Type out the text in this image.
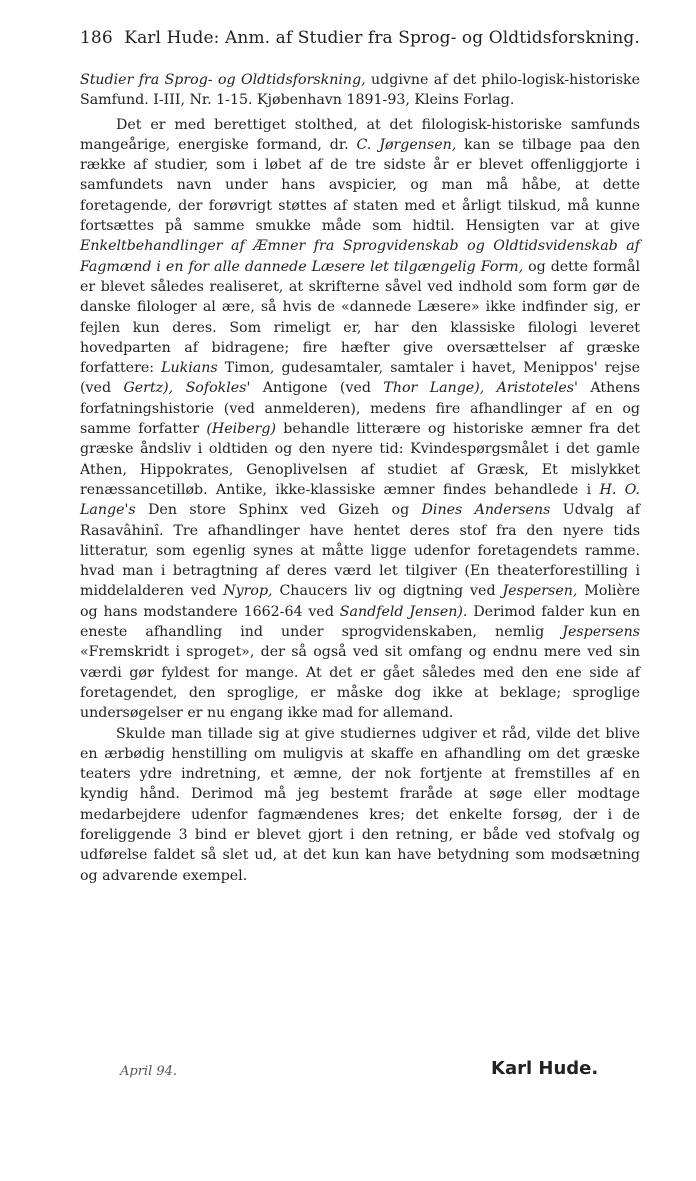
186 Karl Hude: Anm. af Studier fra Sprog- og Oldtidsforskning.

Studier fra Sprog- og Oldtidsforskning, udgivne af det philo-logisk-historiske Samfund. I-III, Nr. 1-15. Kjøbenhavn 1891-93, Kleins Forlag.

Det er med berettiget stolthed, at det filologisk-historiske samfunds mangeårige, energiske formand, dr. C. Jørgensen, kan se tilbage paa den række af studier, som i løbet af de tre sidste år er blevet offenliggjorte i samfundets navn under hans avspicier, og man må håbe, at dette foretagende, der forøvrigt støttes af staten med et årligt tilskud, må kunne fortsættes på samme smukke måde som hidtil. Hensigten var at give Enkeltbehandlinger af Æmner fra Sprogvidenskab og Oldtidsvidenskab af Fagmænd i en for alle dannede Læsere let tilgængelig Form, og dette formål er blevet således realiseret, at skrifterne såvel ved indhold som form gør de danske filologer al ære, så hvis de «dannede Læsere» ikke indfinder sig, er fejlen kun deres. Som rimeligt er, har den klassiske filologi leveret hovedparten af bidragene; fire hæfter give oversættelser af græske forfattere: Lukians Timon, gudesamtaler, samtaler i havet, Menippos' rejse (ved Gertz), Sofokles' Antigone (ved Thor Lange), Aristoteles' Athens forfatningshistorie (ved anmelderen), medens fire afhandlinger af en og samme forfatter (Heiberg) behandle litterære og historiske æmner fra det græske åndsliv i oldtiden og den nyere tid: Kvindespørgsmålet i det gamle Athen, Hippokrates, Genoplivelsen af studiet af Græsk, Et mislykket renæssancetilløb. Antike, ikke-klassiske æmner findes behandlede i H. O. Lange's Den store Sphinx ved Gizeh og Dines Andersens Udvalg af Rasavâhinî. Tre afhandlinger have hentet deres stof fra den nyere tids litteratur, som egenlig synes at måtte ligge udenfor foretagendets ramme. hvad man i betragtning af deres værd let tilgiver (En theaterforestilling i middelalderen ved Nyrop, Chaucers liv og digtning ved Jespersen, Molière og hans modstandere 1662-64 ved Sandfeld Jensen). Derimod falder kun en eneste afhandling ind under sprogvidenskaben, nemlig Jespersens «Fremskridt i sproget», der så også ved sit omfang og endnu mere ved sin værdi gør fyldest for mange. At det er gået således med den ene side af foretagendet, den sproglige, er måske dog ikke at beklage; sproglige undersøgelser er nu engang ikke mad for allemand.

Skulde man tillade sig at give studiernes udgiver et råd, vilde det blive en ærbødig henstilling om muligvis at skaffe en afhandling om det græske teaters ydre indretning, et æmne, der nok fortjente at fremstilles af en kyndig hånd. Derimod må jeg bestemt fraråde at søge eller modtage medarbejdere udenfor fagmændenes kres; det enkelte forsøg, der i de foreliggende 3 bind er blevet gjort i den retning, er både ved stofvalg og udførelse faldet så slet ud, at det kun kan have betydning som modsætning og advarende exempel.

April 94.	Karl Hude.
